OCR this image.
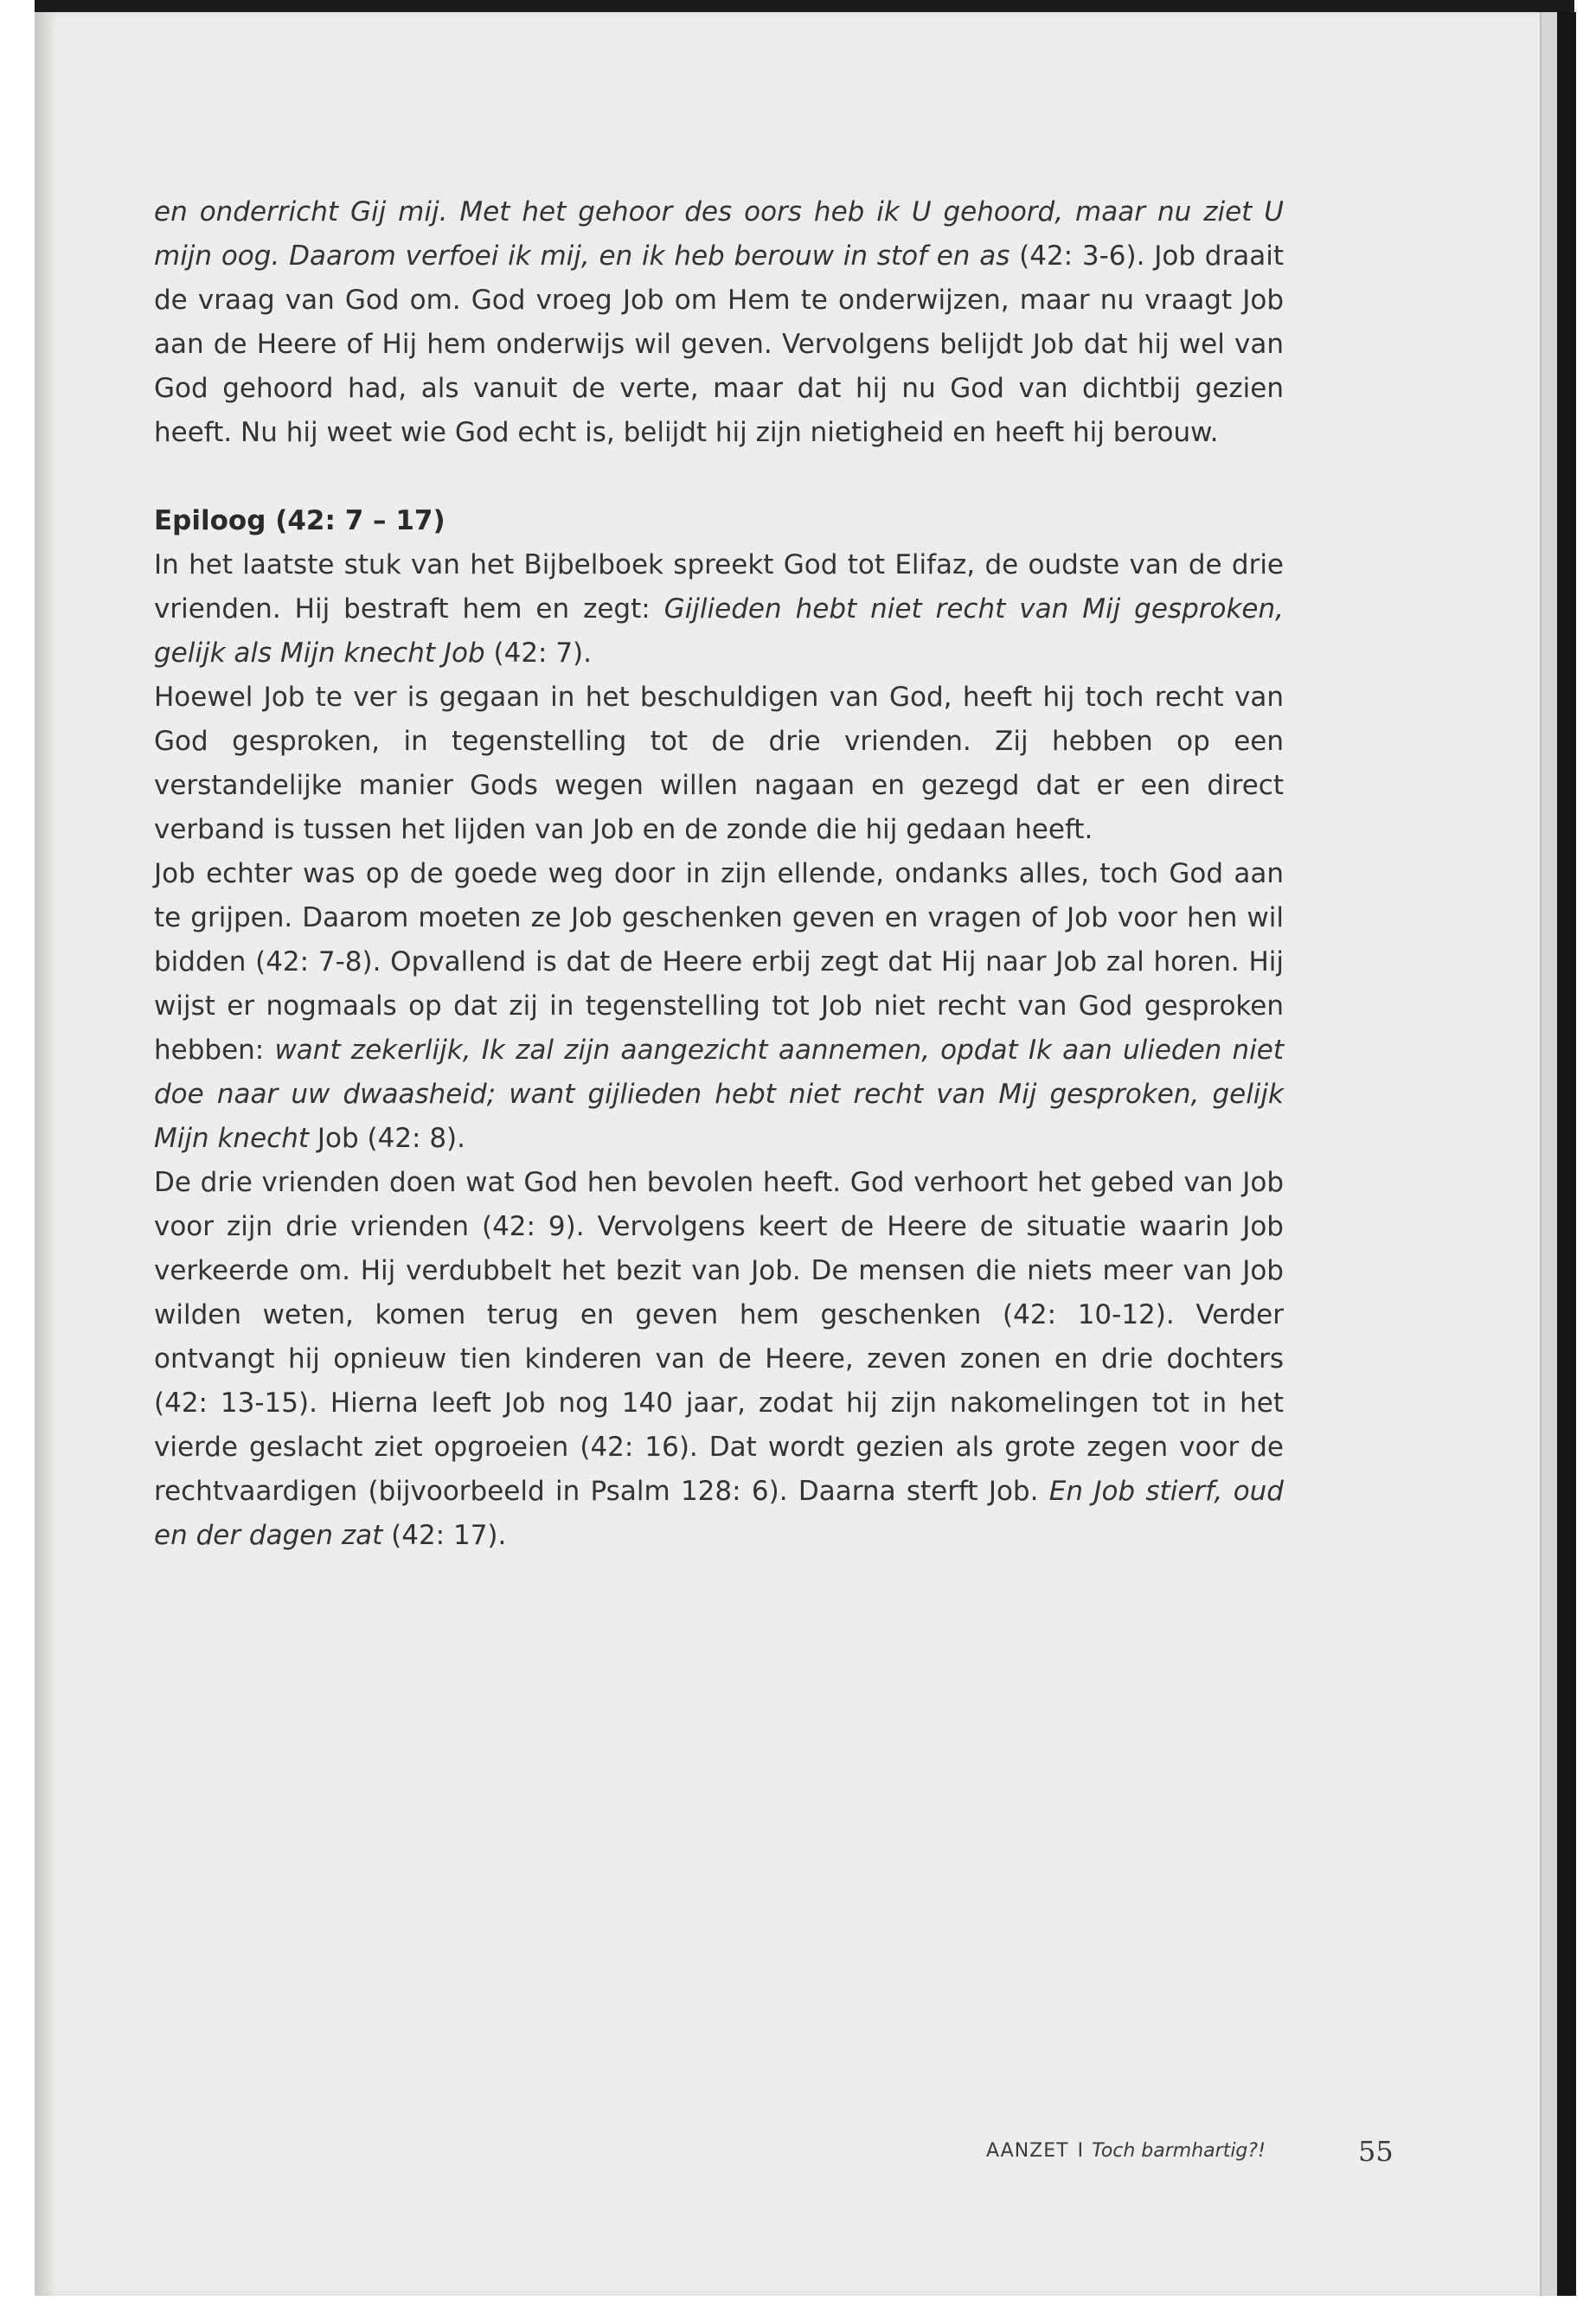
en onderricht Gij mij. Met het gehoor des oors heb ik U gehoord, maar nu ziet U mijn oog. Daarom verfoei ik mij, en ik heb berouw in stof en as (42: 3-6). Job draait de vraag van God om. God vroeg Job om Hem te onderwijzen, maar nu vraagt Job aan de Heere of Hij hem onderwijs wil geven. Vervolgens belijdt Job dat hij wel van God gehoord had, als vanuit de verte, maar dat hij nu God van dichtbij gezien heeft. Nu hij weet wie God echt is, belijdt hij zijn nietigheid en heeft hij berouw.

Epiloog (42: 7 – 17)

In het laatste stuk van het Bijbelboek spreekt God tot Elifaz, de oudste van de drie vrienden. Hij bestraft hem en zegt: Gijlieden hebt niet recht van Mij gesproken, gelijk als Mijn knecht Job (42: 7).

Hoewel Job te ver is gegaan in het beschuldigen van God, heeft hij toch recht van God gesproken, in tegenstelling tot de drie vrienden. Zij hebben op een verstandelijke manier Gods wegen willen nagaan en gezegd dat er een direct verband is tussen het lijden van Job en de zonde die hij gedaan heeft.

Job echter was op de goede weg door in zijn ellende, ondanks alles, toch God aan te grijpen. Daarom moeten ze Job geschenken geven en vragen of Job voor hen wil bidden (42: 7-8). Opvallend is dat de Heere erbij zegt dat Hij naar Job zal horen. Hij wijst er nogmaals op dat zij in tegenstelling tot Job niet recht van God gesproken hebben: want zekerlijk, Ik zal zijn aangezicht aannemen, opdat Ik aan ulieden niet doe naar uw dwaasheid; want gijlieden hebt niet recht van Mij gesproken, gelijk Mijn knecht Job (42: 8).

De drie vrienden doen wat God hen bevolen heeft. God verhoort het gebed van Job voor zijn drie vrienden (42: 9). Vervolgens keert de Heere de situatie waarin Job verkeerde om. Hij verdubbelt het bezit van Job. De mensen die niets meer van Job wilden weten, komen terug en geven hem geschenken (42: 10-12). Verder ontvangt hij opnieuw tien kinderen van de Heere, zeven zonen en drie dochters (42: 13-15). Hierna leeft Job nog 140 jaar, zodat hij zijn nakomelingen tot in het vierde geslacht ziet opgroeien (42: 16). Dat wordt gezien als grote zegen voor de rechtvaardigen (bijvoorbeeld in Psalm 128: 6). Daarna sterft Job. En Job stierf, oud en der dagen zat (42: 17).

AANZET I Toch barmhartig?!	55
